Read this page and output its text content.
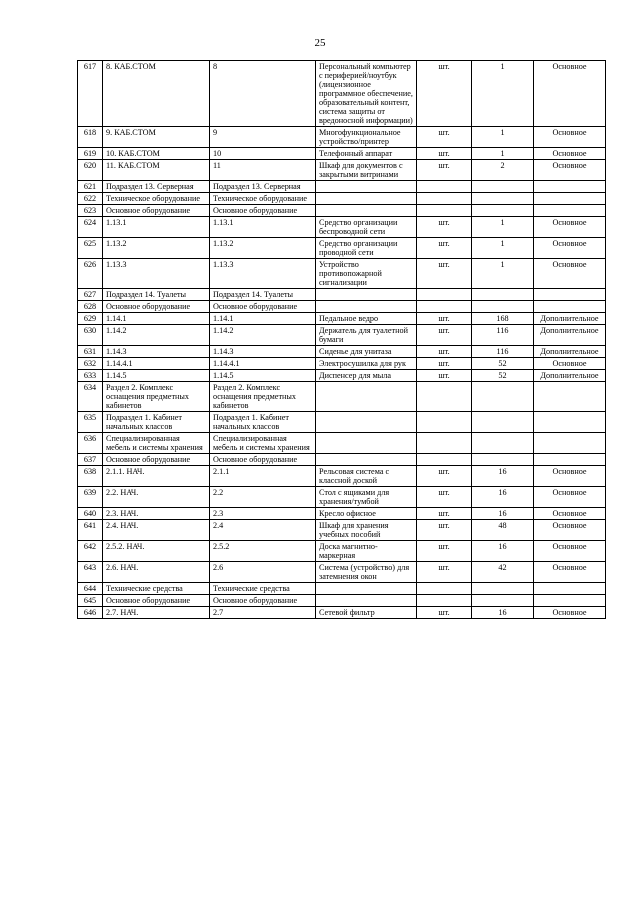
25
617	8. КАБ.СТОМ	8	Персональный компьютер с периферией/ноутбук (лицензионное программное обеспечение, образовательный контент, система защиты от вредоносной информации)	шт.	1	Основное
618	9. КАБ.СТОМ	9	Многофункциональное устройство/принтер	шт.	1	Основное
619	10. КАБ.СТОМ	10	Телефонный аппарат	шт.	1	Основное
620	11. КАБ.СТОМ	11	Шкаф для документов с закрытыми витринами	шт.	2	Основное
621	Подраздел 13. Серверная	Подраздел 13. Серверная				
622	Техническое оборудование	Техническое оборудование				
623	Основное оборудование	Основное оборудование				
624	1.13.1	1.13.1	Средство организации беспроводной сети	шт.	1	Основное
625	1.13.2	1.13.2	Средство организации проводной сети	шт.	1	Основное
626	1.13.3	1.13.3	Устройство противопожарной сигнализации	шт.	1	Основное
627	Подраздел 14. Туалеты	Подраздел 14. Туалеты				
628	Основное оборудование	Основное оборудование				
629	1.14.1	1.14.1	Педальное ведро	шт.	168	Дополнительное
630	1.14.2	1.14.2	Держатель для туалетной бумаги	шт.	116	Дополнительное
631	1.14.3	1.14.3	Сиденье для унитаза	шт.	116	Дополнительное
632	1.14.4.1	1.14.4.1	Электросушилка для рук	шт.	52	Основное
633	1.14.5	1.14.5	Диспенсер для мыла	шт.	52	Дополнительное
634	Раздел 2. Комплекс оснащения предметных кабинетов	Раздел 2. Комплекс оснащения предметных кабинетов				
635	Подраздел 1. Кабинет начальных классов	Подраздел 1. Кабинет начальных классов				
636	Специализированная мебель и системы хранения	Специализированная мебель и системы хранения				
637	Основное оборудование	Основное оборудование				
638	2.1.1. НАЧ.	2.1.1	Рельсовая система с классной доской	шт.	16	Основное
639	2.2. НАЧ.	2.2	Стол с ящиками для хранения/тумбой	шт.	16	Основное
640	2.3. НАЧ.	2.3	Кресло офисное	шт.	16	Основное
641	2.4. НАЧ.	2.4	Шкаф для хранения учебных пособий	шт.	48	Основное
642	2.5.2. НАЧ.	2.5.2	Доска магнитно-маркерная	шт.	16	Основное
643	2.6. НАЧ.	2.6	Система (устройство) для затемнения окон	шт.	42	Основное
644	Технические средства	Технические средства				
645	Основное оборудование	Основное оборудование				
646	2.7. НАЧ.	2.7	Сетевой фильтр	шт.	16	Основное
